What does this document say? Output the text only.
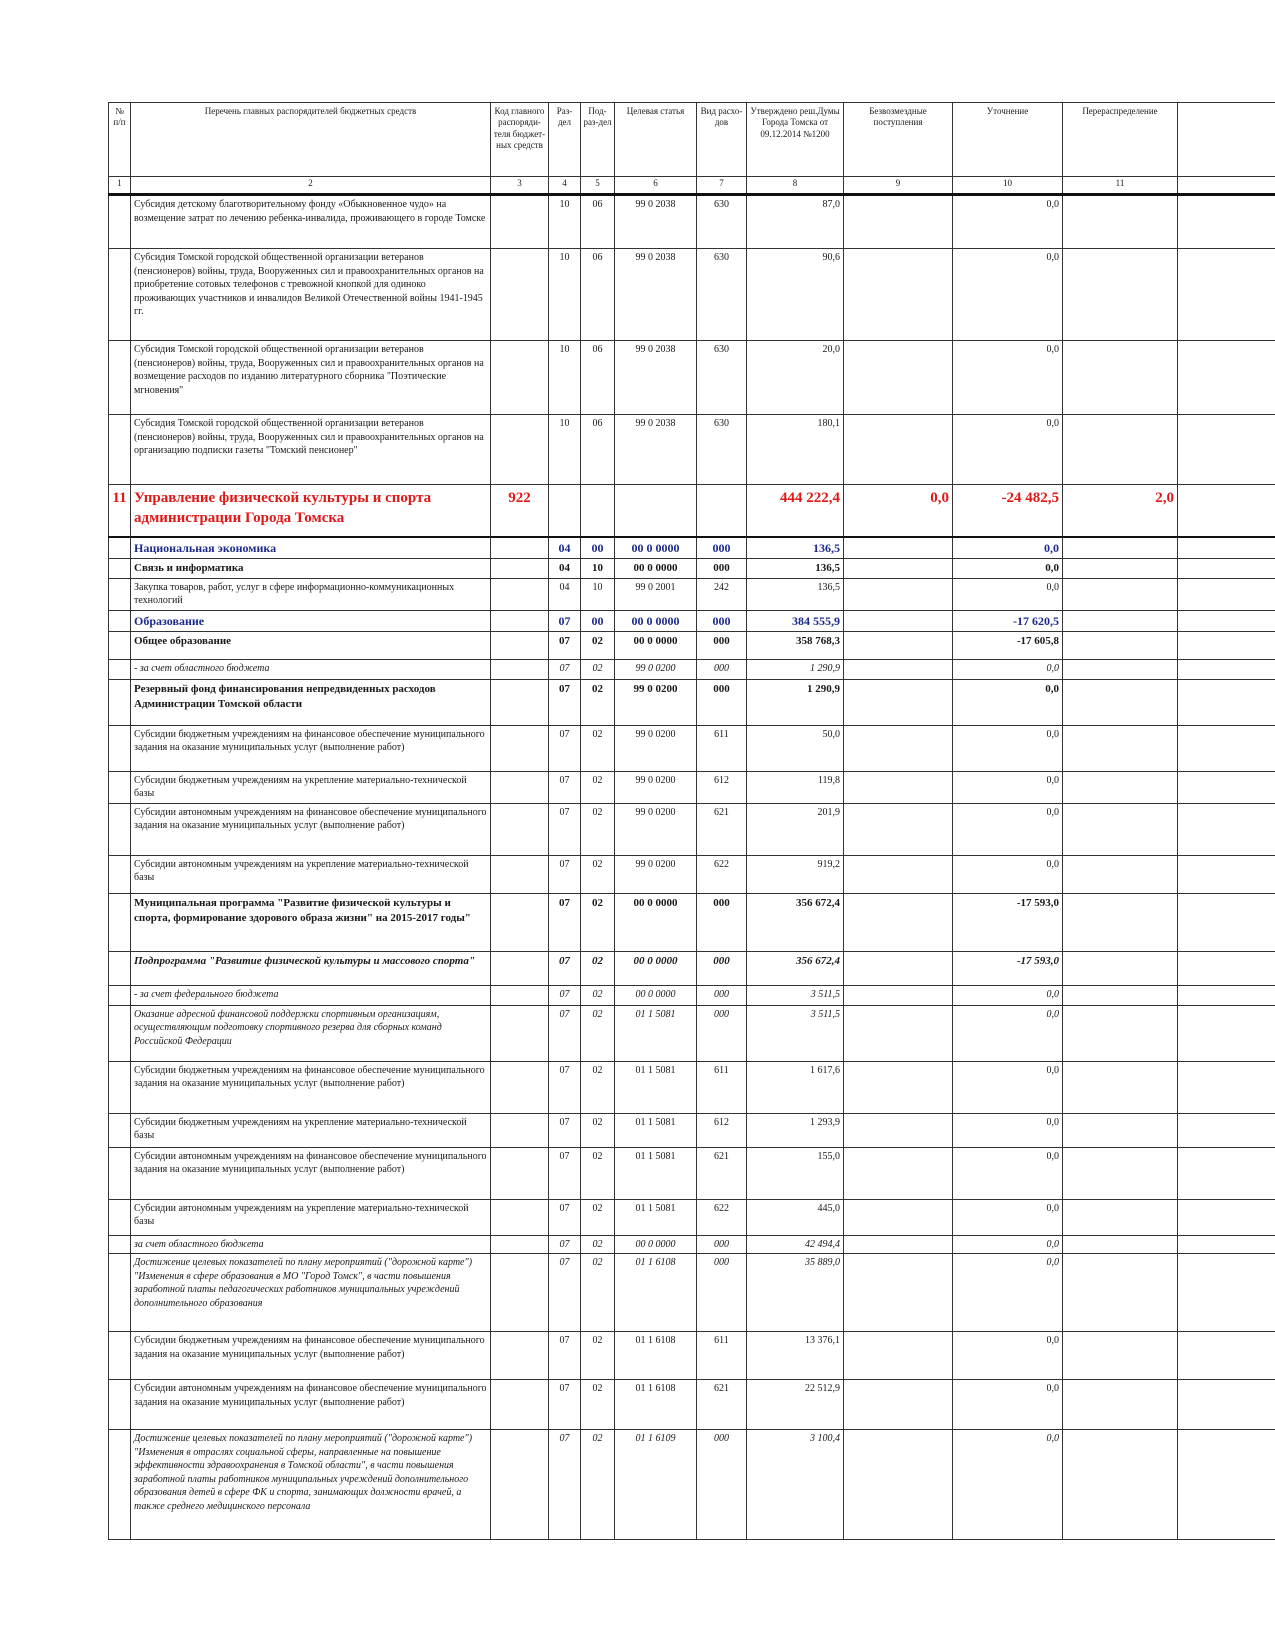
№ п/п	Перечень главных распорядителей бюджетных средств	Код главного распоряди-теля бюджет-ных средств	Раз-дел	Под-раз-дел	Целевая статья	Вид расхо-дов	Утверждено реш.Думы Города Томска от 09.12.2014 №1200	Безвозмездные поступления	Уточнение	Перераспределение	
1	2	3	4	5	6	7	8	9	10	11	
	Субсидия детскому благотворительному фонду «Обыкновенное чудо» на возмещение затрат по лечению ребенка-инвалида, проживающего в городе Томске		10	06	99 0 2038	630	87,0		0,0		
	Субсидия Томской городской общественной организации ветеранов (пенсионеров) войны, труда, Вооруженных сил и правоохранительных органов на приобретение сотовых телефонов с тревожной кнопкой для одиноко проживающих участников и инвалидов Великой Отечественной войны 1941-1945 гг.		10	06	99 0 2038	630	90,6		0,0		
	Субсидия Томской городской общественной организации ветеранов (пенсионеров) войны, труда, Вооруженных сил и правоохранительных органов на возмещение расходов по изданию литературного сборника "Поэтические мгновения"		10	06	99 0 2038	630	20,0		0,0		
	Субсидия Томской городской общественной организации ветеранов (пенсионеров) войны, труда, Вооруженных сил и правоохранительных органов на организацию подписки газеты "Томский пенсионер"		10	06	99 0 2038	630	180,1		0,0		
11	Управление физической культуры и спорта администрации Города Томска	922					444 222,4	0,0	-24 482,5	2,0	
	Национальная экономика		04	00	00 0 0000	000	136,5		0,0		
	Связь и информатика		04	10	00 0 0000	000	136,5		0,0		
	Закупка товаров, работ, услуг в сфере информационно-коммуникационных технологий		04	10	99 0 2001	242	136,5		0,0		
	Образование		07	00	00 0 0000	000	384 555,9		-17 620,5		
	Общее образование		07	02	00 0 0000	000	358 768,3		-17 605,8		
	- за счет областного бюджета		07	02	99 0 0200	000	1 290,9		0,0		
	Резервный фонд финансирования непредвиденных расходов Администрации Томской области		07	02	99 0 0200	000	1 290,9		0,0		
	Субсидии бюджетным учреждениям на финансовое обеспечение муниципального задания на оказание муниципальных услуг (выполнение работ)		07	02	99 0 0200	611	50,0		0,0		
	Субсидии бюджетным учреждениям на укрепление материально-технической базы		07	02	99 0 0200	612	119,8		0,0		
	Субсидии автономным учреждениям на финансовое обеспечение муниципального задания на оказание муниципальных услуг (выполнение работ)		07	02	99 0 0200	621	201,9		0,0		
	Субсидии автономным учреждениям на укрепление материально-технической базы		07	02	99 0 0200	622	919,2		0,0		
	Муниципальная программа "Развитие физической культуры и спорта, формирование здорового образа жизни" на 2015-2017 годы"		07	02	00 0 0000	000	356 672,4		-17 593,0		
	Подпрограмма "Развитие физической культуры и массового спорта"		07	02	00 0 0000	000	356 672,4		-17 593,0		
	- за счет федерального бюджета		07	02	00 0 0000	000	3 511,5		0,0		
	Оказание адресной финансовой поддержки спортивным организациям, осуществляющим подготовку спортивного резерва для сборных команд Российской Федерации		07	02	01 1 5081	000	3 511,5		0,0		
	Субсидии бюджетным учреждениям на финансовое обеспечение муниципального задания на оказание муниципальных услуг (выполнение работ)		07	02	01 1 5081	611	1 617,6		0,0		
	Субсидии бюджетным учреждениям на укрепление материально-технической базы		07	02	01 1 5081	612	1 293,9		0,0		
	Субсидии автономным учреждениям на финансовое обеспечение муниципального задания на оказание муниципальных услуг (выполнение работ)		07	02	01 1 5081	621	155,0		0,0		
	Субсидии автономным учреждениям на укрепление материально-технической базы		07	02	01 1 5081	622	445,0		0,0		
	за счет областного бюджета		07	02	00 0 0000	000	42 494,4		0,0		
	Достижение целевых показателей по плану мероприятий ("дорожной карте") "Изменения в сфере образования в МО "Город Томск", в части повышения заработной платы педагогических работников муниципальных учреждений дополнительного образования		07	02	01 1 6108	000	35 889,0		0,0		
	Субсидии бюджетным учреждениям на финансовое обеспечение муниципального задания на оказание муниципальных услуг (выполнение работ)		07	02	01 1 6108	611	13 376,1		0,0		
	Субсидии автономным учреждениям на финансовое обеспечение муниципального задания на оказание муниципальных услуг (выполнение работ)		07	02	01 1 6108	621	22 512,9		0,0		
	Достижение целевых показателей по плану мероприятий ("дорожной карте") "Изменения в отраслях социальной сферы, направленные на повышение эффективности здравоохранения в Томской области", в части повышения заработной платы работников муниципальных учреждений дополнительного образования детей в сфере ФК и спорта, занимающих должности врачей, а также среднего медицинского персонала		07	02	01 1 6109	000	3 100,4		0,0		
